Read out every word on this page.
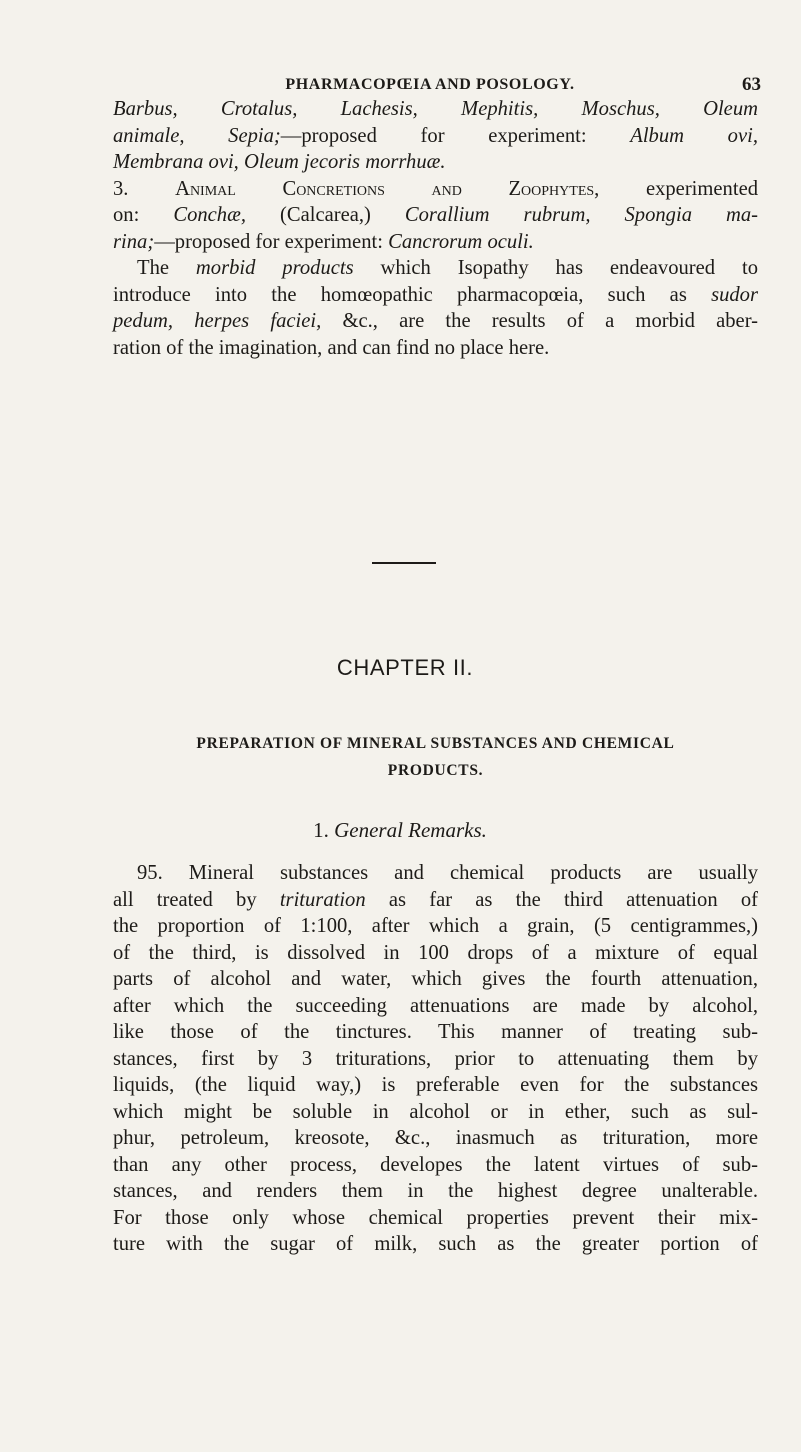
PHARMACOPŒIA AND POSOLOGY.	63
Barbus, Crotalus, Lachesis, Mephitis, Moschus, Oleum
animale, Sepia;—proposed for experiment: Album ovi,
Membrana ovi, Oleum jecoris morrhuæ.
3. Animal Concretions and Zoophytes, experimented
on: Conchæ, (Calcarea,) Corallium rubrum, Spongia ma-
rina;—proposed for experiment: Cancrorum oculi.
The morbid products which Isopathy has endeavoured to
introduce into the homœopathic pharmacopœia, such as sudor
pedum, herpes faciei, &c., are the results of a morbid aber-
ration of the imagination, and can find no place here.
CHAPTER II.
PREPARATION OF MINERAL SUBSTANCES AND CHEMICAL
PRODUCTS.
1. General Remarks.
95. Mineral substances and chemical products are usually
all treated by trituration as far as the third attenuation of
the proportion of 1:100, after which a grain, (5 centigrammes,)
of the third, is dissolved in 100 drops of a mixture of equal
parts of alcohol and water, which gives the fourth attenuation,
after which the succeeding attenuations are made by alcohol,
like those of the tinctures. This manner of treating sub-
stances, first by 3 triturations, prior to attenuating them by
liquids, (the liquid way,) is preferable even for the substances
which might be soluble in alcohol or in ether, such as sul-
phur, petroleum, kreosote, &c., inasmuch as trituration, more
than any other process, developes the latent virtues of sub-
stances, and renders them in the highest degree unalterable.
For those only whose chemical properties prevent their mix-
ture with the sugar of milk, such as the greater portion of
